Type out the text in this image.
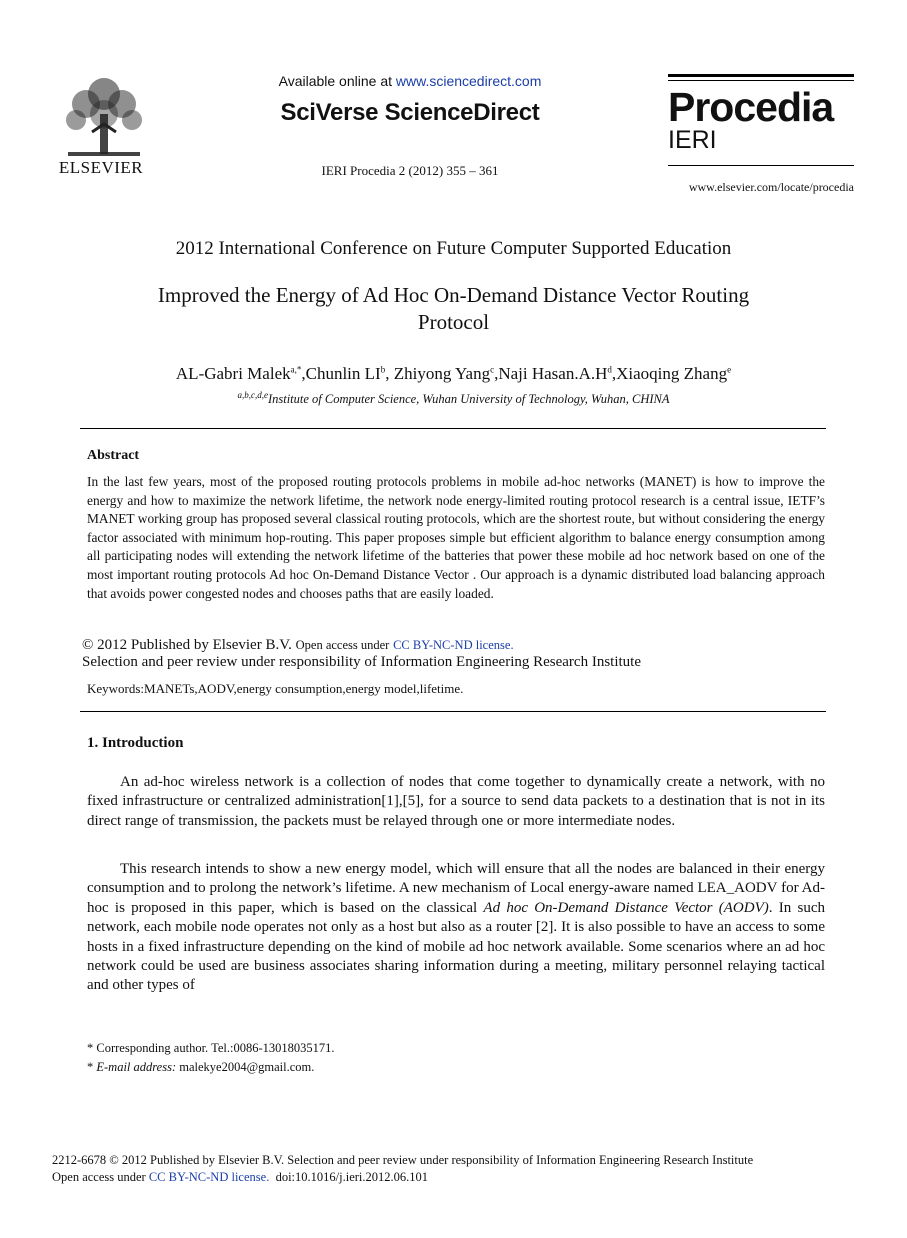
ELSEVIER
Available online at www.sciencedirect.com
SciVerse ScienceDirect
IERI Procedia 2 (2012) 355 – 361
Procedia
IERI
www.elsevier.com/locate/procedia
2012 International Conference on Future Computer Supported Education
Improved the Energy of Ad Hoc On-Demand Distance Vector Routing
Protocol
AL-Gabri Malek$^{a,*}$,Chunlin $LI^b$, Zhiyong Yang$^c$,Naji $Hasan.A.H^d,Xiaoqing$ Zhang$^e$
$^{a,b,c,d,e}$Institute of Computer Science, Wuhan University of Technology, Wuhan, CHINA
Abstract
In the last few years, most of the proposed routing protocols problems in mobile ad-hoc networks (MANET) is how to improve the energy and how to maximize the network lifetime, the network node energy-limited routing protocol research is a central issue, IETF’s MANET working group has proposed several classical routing protocols, which are the shortest route, but without considering the energy factor associated with minimum hop-routing. This paper proposes simple but efficient algorithm to balance energy consumption among all participating nodes will extending the network lifetime of the batteries that power these mobile ad hoc network based on one of the most important routing protocols Ad hoc On-Demand Distance Vector . Our approach is a dynamic distributed load balancing approach that avoids power congested nodes and chooses paths that are easily loaded.
© 2012 Published by Elsevier B.V. Open access under CC BY-NC-ND license.
Selection and peer review under responsibility of Information Engineering Research Institute
Keywords:MANETs,AODV,energy consumption,energy model,lifetime.
1. Introduction
An ad-hoc wireless network is a collection of nodes that come together to dynamically create a network, with no fixed infrastructure or centralized administration[1],[5], for a source to send data packets to a destination that is not in its direct range of transmission, the packets must be relayed through one or more intermediate nodes.
This research intends to show a new energy model, which will ensure that all the nodes are balanced in their energy consumption and to prolong the network’s lifetime. A new mechanism of Local energy-aware named LEA_AODV for Ad-hoc is proposed in this paper, which is based on the classical Ad hoc On-Demand Distance Vector (AODV). In such network, each mobile node operates not only as a host but also as a router [2]. It is also possible to have an access to some hosts in a fixed infrastructure depending on the kind of mobile ad hoc network available. Some scenarios where an ad hoc network could be used are business associates sharing information during a meeting, military personnel relaying tactical and other types of
* Corresponding author. Tel.:0086-13018035171.
* E-mail address: malekye2004@gmail.com.
2212-6678 © 2012 Published by Elsevier B.V. Selection and peer review under responsibility of Information Engineering Research Institute
Open access under CC BY-NC-ND license. doi:10.1016/j.ieri.2012.06.101
